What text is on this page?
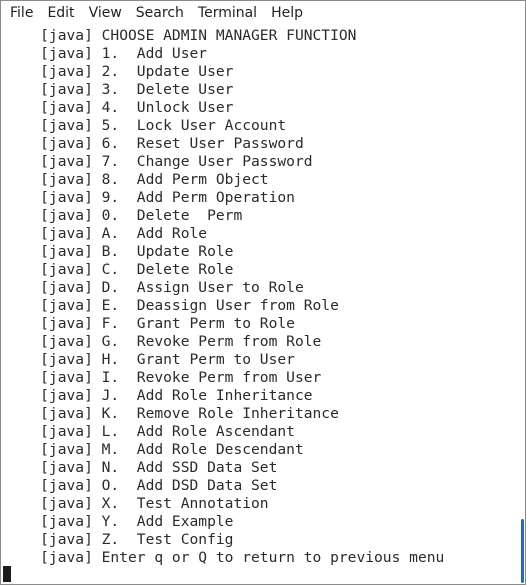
File	Edit	View	Search	Terminal	Help
[java] CHOOSE ADMIN MANAGER FUNCTION
[java] 1.  Add User
[java] 2.  Update User
[java] 3.  Delete User
[java] 4.  Unlock User
[java] 5.  Lock User Account
[java] 6.  Reset User Password
[java] 7.  Change User Password
[java] 8.  Add Perm Object
[java] 9.  Add Perm Operation
[java] 0.  Delete  Perm
[java] A.  Add Role
[java] B.  Update Role
[java] C.  Delete Role
[java] D.  Assign User to Role
[java] E.  Deassign User from Role
[java] F.  Grant Perm to Role
[java] G.  Revoke Perm from Role
[java] H.  Grant Perm to User
[java] I.  Revoke Perm from User
[java] J.  Add Role Inheritance
[java] K.  Remove Role Inheritance
[java] L.  Add Role Ascendant
[java] M.  Add Role Descendant
[java] N.  Add SSD Data Set
[java] O.  Add DSD Data Set
[java] X.  Test Annotation
[java] Y.  Add Example
[java] Z.  Test Config
[java] Enter q or Q to return to previous menu
